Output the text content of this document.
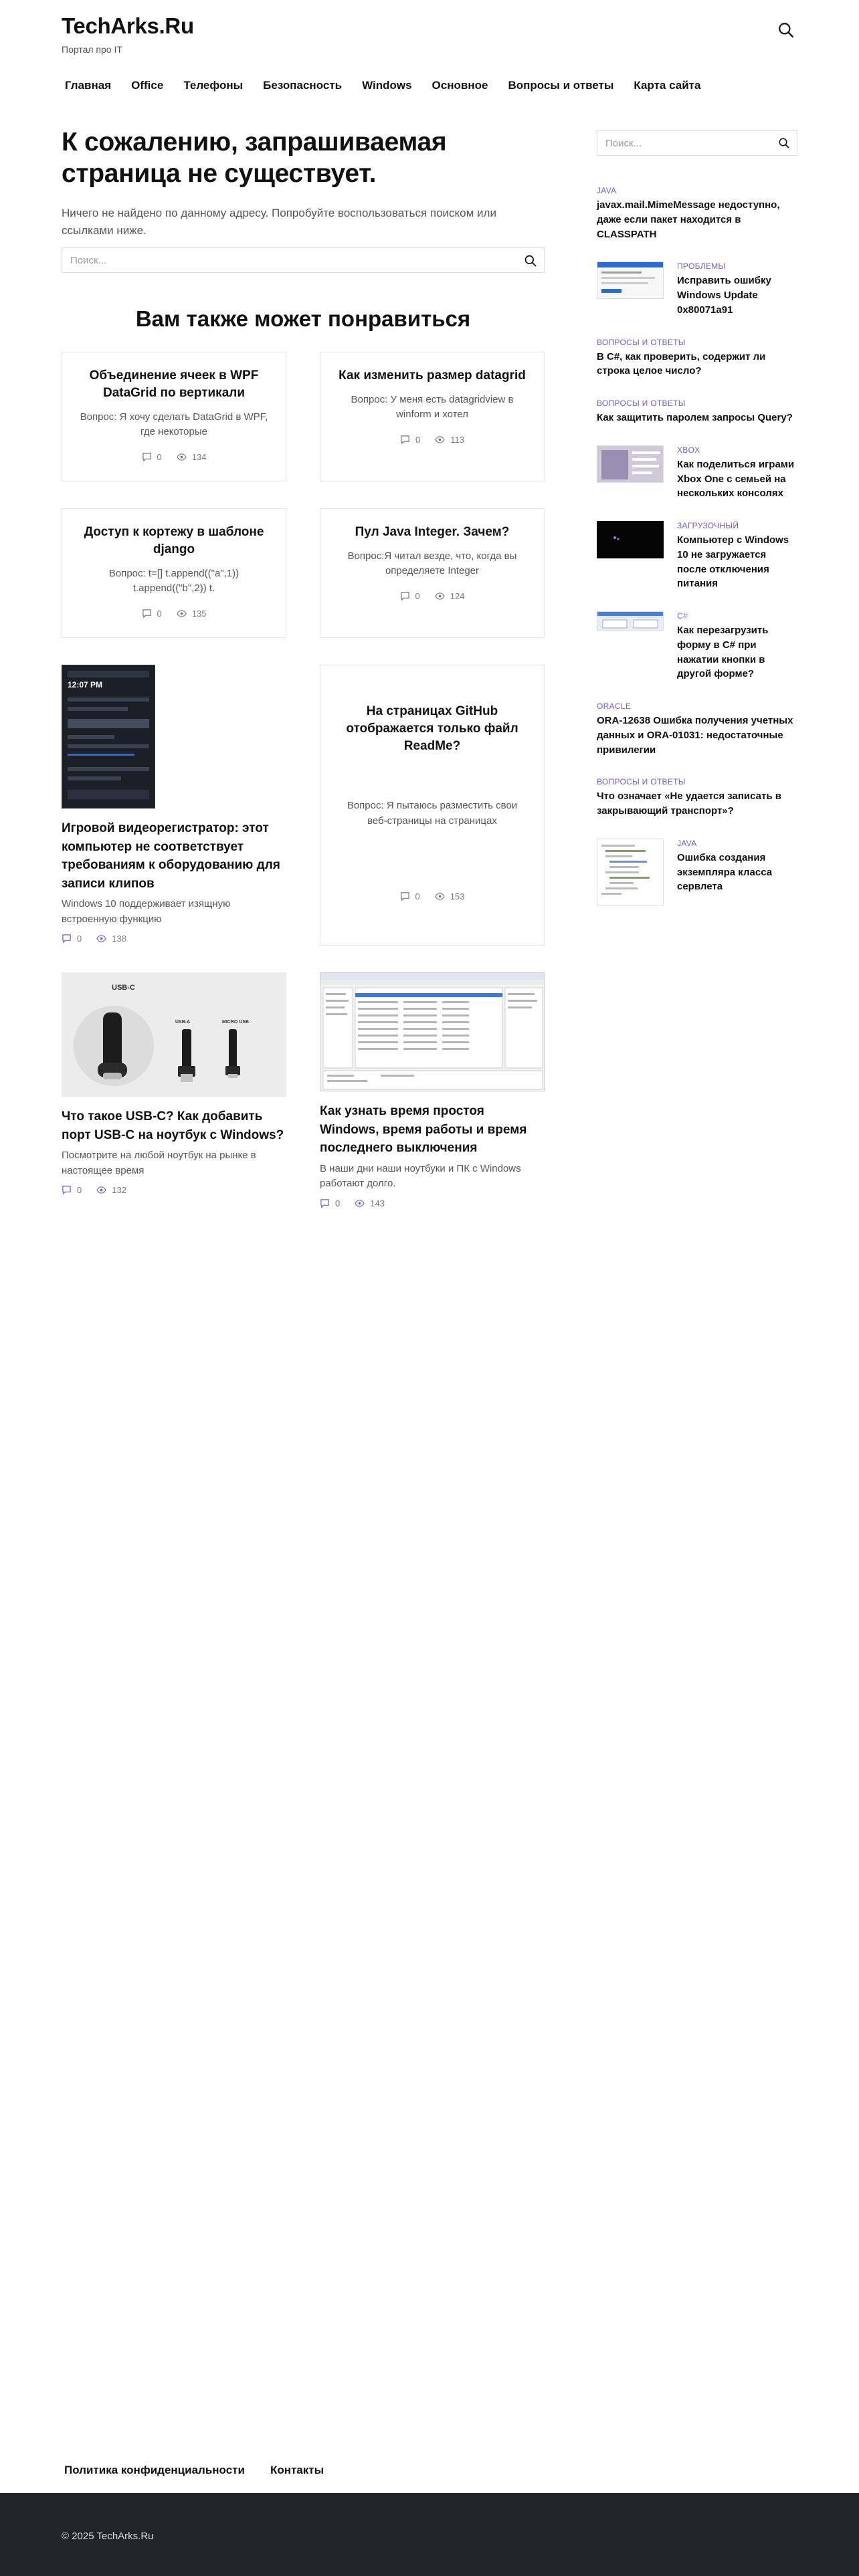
TechArks.Ru
Портал про IT
Главная	Office	Телефоны	Безопасность	Windows	Основное	Вопросы и ответы	Карта сайта
К сожалению, запрашиваемая страница не существует.

Ничего не найдено по данному адресу. Попробуйте воспользоваться поиском или ссылками ниже.

Поиск...
Вам также может понравиться
Объединение ячеек в WPF DataGrid по вертикали
Вопрос: Я хочу сделать DataGrid в WPF, где некоторые
0	134
Как изменить размер datagrid
Вопрос: У меня есть datagridview в winform и хотел
0	113
Доступ к кортежу в шаблоне django
Вопрос: t=[] t.append(("a",1)) t.append(("b",2)) t.
0	135
Пул Java Integer. Зачем?
Вопрос:Я читал везде, что, когда вы определяете Integer
0	124
12:07 PM
Игровой видеорегистратор: этот компьютер не соответствует требованиям к оборудованию для записи клипов
Windows 10 поддерживает изящную встроенную функцию
0	138
На страницах GitHub отображается только файл ReadMe?
Вопрос: Я пытаюсь разместить свои веб-страницы на страницах
0	153
USB-C
USB-A	MICRO USB
Что такое USB-C? Как добавить порт USB-C на ноутбук с Windows?
Посмотрите на любой ноутбук на рынке в настоящее время
0	132
Как узнать время простоя Windows, время работы и время последнего выключения
В наши дни наши ноутбуки и ПК с Windows работают долго.
0	143
Поиск...
JAVA
javax.mail.MimeMessage недоступно, даже если пакет находится в CLASSPATH
ПРОБЛЕМЫ
Исправить ошибку Windows Update 0x80071a91
ВОПРОСЫ И ОТВЕТЫ
В C#, как проверить, содержит ли строка целое число?
ВОПРОСЫ И ОТВЕТЫ
Как защитить паролем запросы Query?
XBOX
Как поделиться играми Xbox One с семьей на нескольких консолях
ЗАГРУЗОЧНЫЙ
Компьютер с Windows 10 не загружается после отключения питания
C#
Как перезагрузить форму в C# при нажатии кнопки в другой форме?
ORACLE
ORA-12638 Ошибка получения учетных данных и ORA-01031: недостаточные привилегии
ВОПРОСЫ И ОТВЕТЫ
Что означает «Не удается записать в закрывающий транспорт»?
JAVA
Ошибка создания экземпляра класса сервлета
Политика конфиденциальности Контакты
© 2025 TechArks.Ru
